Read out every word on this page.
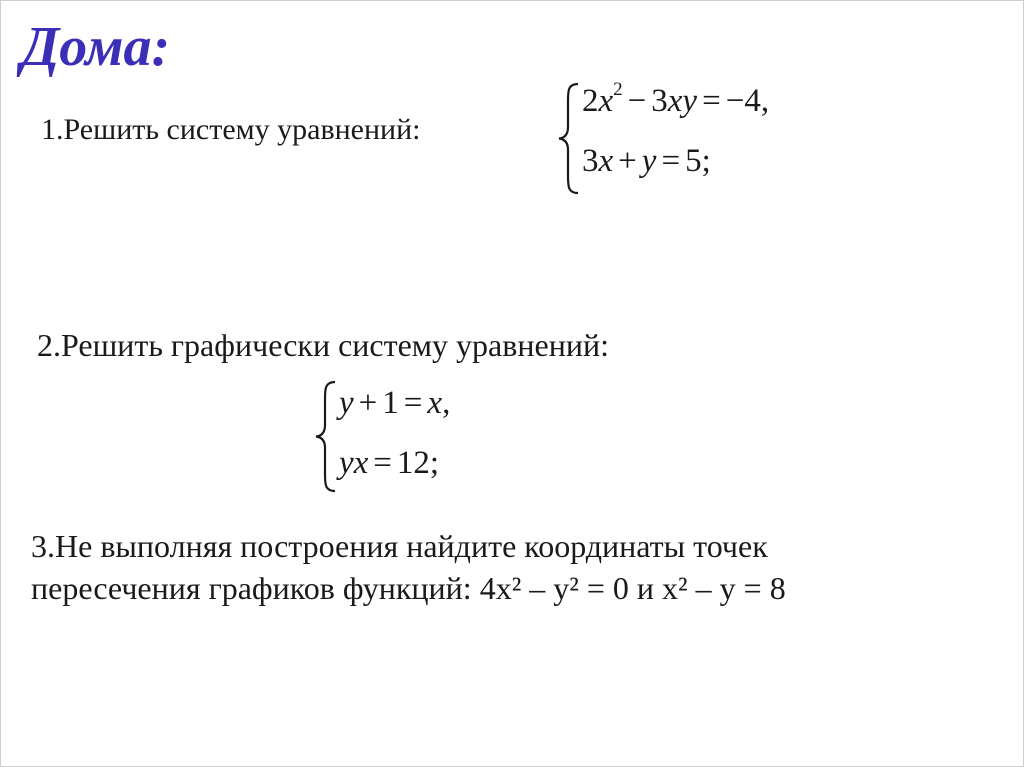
Дома:
1.Решить систему уравнений:
$2x^2 - 3xy = -4$,
3x + y = 5;
2.Решить графически систему уравнений:
y + 1 = x,
yx = 12;
3.Не выполняя построения найдите координаты точек
пересечения графиков функций: 4x² – y² = 0 и x² – y = 8
